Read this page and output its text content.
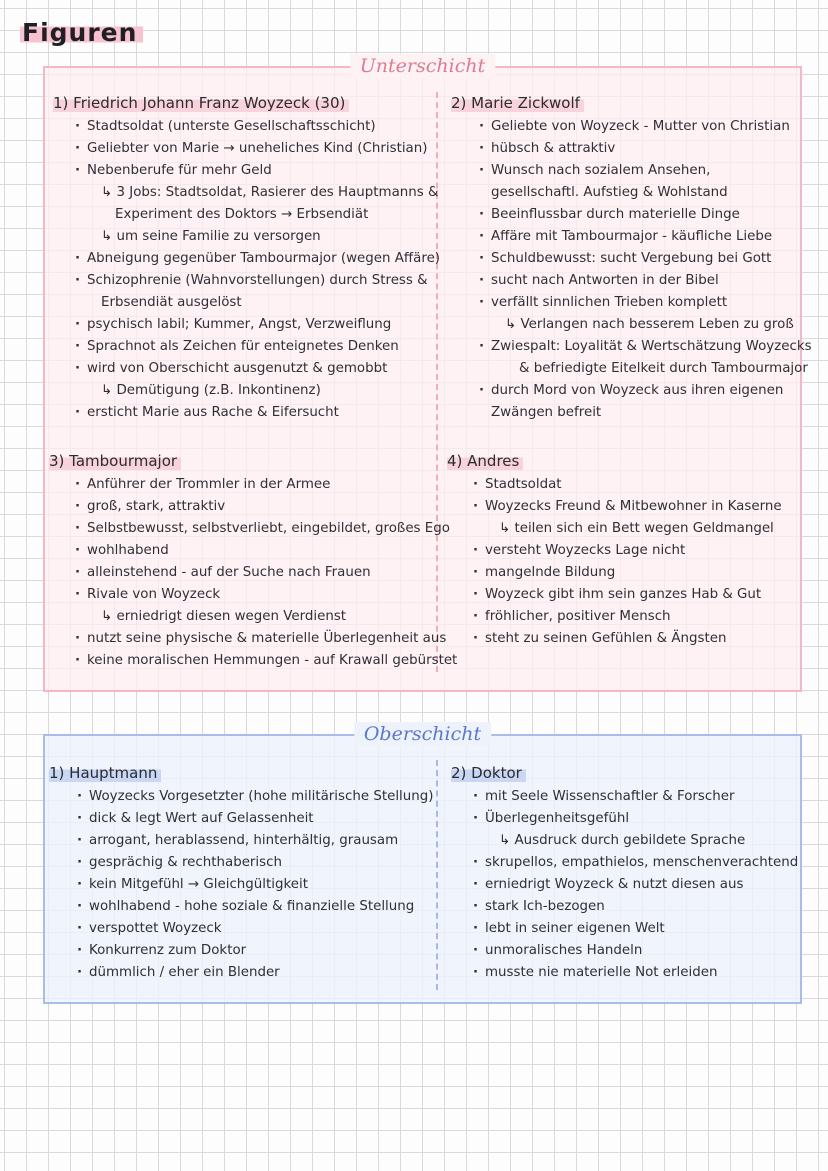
Figuren
Unterschicht
1) Friedrich Johann Franz Woyzeck (30)
· Stadtsoldat (unterste Gesellschaftsschicht)
· Geliebter von Marie → uneheliches Kind (Christian)
· Nebenberufe für mehr Geld
↳ 3 Jobs: Stadtsoldat, Rasierer des Hauptmanns &
Experiment des Doktors → Erbsendiät
↳ um seine Familie zu versorgen
· Abneigung gegenüber Tambourmajor (wegen Affäre)
· Schizophrenie (Wahnvorstellungen) durch Stress &
Erbsendiät ausgelöst
· psychisch labil; Kummer, Angst, Verzweiflung
· Sprachnot als Zeichen für enteignetes Denken
· wird von Oberschicht ausgenutzt & gemobbt
↳ Demütigung (z.B. Inkontinenz)
· ersticht Marie aus Rache & Eifersucht
2) Marie Zickwolf
· Geliebte von Woyzeck - Mutter von Christian
· hübsch & attraktiv
· Wunsch nach sozialem Ansehen,
gesellschaftl. Aufstieg & Wohlstand
· Beeinflussbar durch materielle Dinge
· Affäre mit Tambourmajor - käufliche Liebe
· Schuldbewusst: sucht Vergebung bei Gott
· sucht nach Antworten in der Bibel
· verfällt sinnlichen Trieben komplett
↳ Verlangen nach besserem Leben zu groß
· Zwiespalt: Loyalität & Wertschätzung Woyzecks
& befriedigte Eitelkeit durch Tambourmajor
· durch Mord von Woyzeck aus ihren eigenen
Zwängen befreit
3) Tambourmajor
· Anführer der Trommler in der Armee
· groß, stark, attraktiv
· Selbstbewusst, selbstverliebt, eingebildet, großes Ego
· wohlhabend
· alleinstehend - auf der Suche nach Frauen
· Rivale von Woyzeck
↳ erniedrigt diesen wegen Verdienst
· nutzt seine physische & materielle Überlegenheit aus
· keine moralischen Hemmungen - auf Krawall gebürstet
4) Andres
· Stadtsoldat
· Woyzecks Freund & Mitbewohner in Kaserne
↳ teilen sich ein Bett wegen Geldmangel
· versteht Woyzecks Lage nicht
· mangelnde Bildung
· Woyzeck gibt ihm sein ganzes Hab & Gut
· fröhlicher, positiver Mensch
· steht zu seinen Gefühlen & Ängsten
Oberschicht
1) Hauptmann
· Woyzecks Vorgesetzter (hohe militärische Stellung)
· dick & legt Wert auf Gelassenheit
· arrogant, herablassend, hinterhältig, grausam
· gesprächig & rechthaberisch
· kein Mitgefühl → Gleichgültigkeit
· wohlhabend - hohe soziale & finanzielle Stellung
· verspottet Woyzeck
· Konkurrenz zum Doktor
· dümmlich / eher ein Blender
2) Doktor
· mit Seele Wissenschaftler & Forscher
· Überlegenheitsgefühl
↳ Ausdruck durch gebildete Sprache
· skrupellos, empathielos, menschenverachtend
· erniedrigt Woyzeck & nutzt diesen aus
· stark Ich-bezogen
· lebt in seiner eigenen Welt
· unmoralisches Handeln
· musste nie materielle Not erleiden
